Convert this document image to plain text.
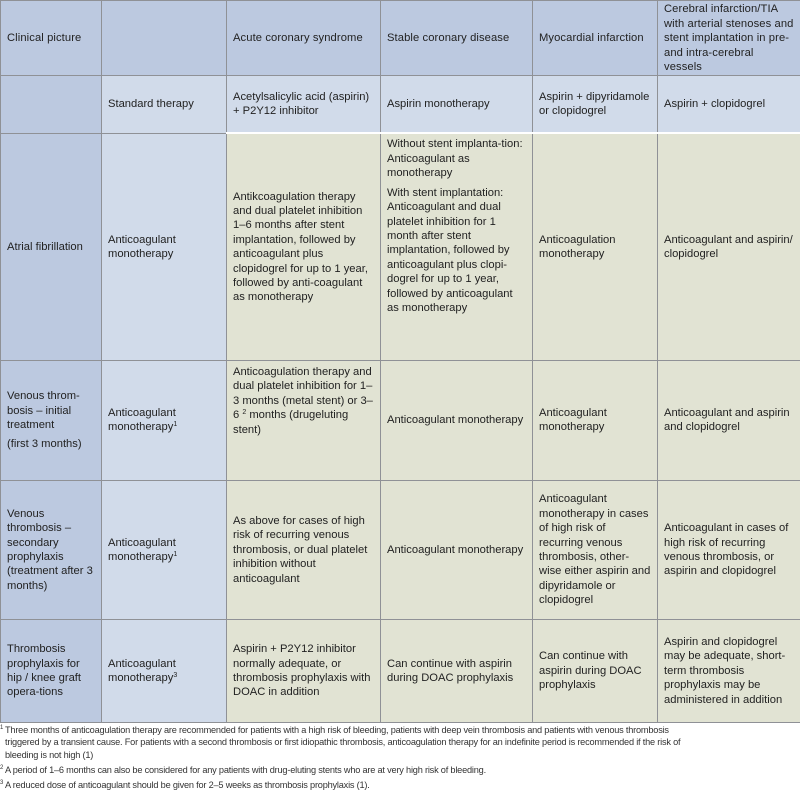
Clinical picture		Acute coronary syndrome	Stable coronary disease	Myocardial infarction	Cerebral infarction/TIA with arterial stenoses and stent implantation in pre- and intra-cerebral vessels
	Standard therapy	Acetylsalicylic acid (aspirin) + P2Y12 inhibitor	Aspirin monotherapy	Aspirin + dipyridamole or clopidogrel	Aspirin + clopidogrel
Atrial fibrillation	Anticoagulant monotherapy	Antikcoagulation therapy and dual platelet inhibition 1–6 months after stent implantation, followed by anticoagulant plus clopidogrel for up to 1 year, followed by anti-coagulant as monotherapy	Without stent implanta-tion: Anticoagulant as monotherapy

With stent implantation: Anticoagulant and dual platelet inhibition for 1 month after stent implantation, followed by anticoagulant plus clopi-dogrel for up to 1 year, followed by anticoagulant as monotherapy	Anticoagulation monotherapy	Anticoagulant and aspirin/ clopidogrel

Venous throm-bosis – initial treatment

(first 3 months)	Anticoagulant monotherapy$^1$	Anticoagulation therapy and dual platelet inhibition for 1–3 months (metal stent) or 3–6 $^2$ months (drugeluting stent)	Anticoagulant monotherapy	Anticoagulant monotherapy	Anticoagulant and aspirin and clopidogrel
Venous thrombosis – secondary prophylaxis (treatment after 3 months)	Anticoagulant monotherapy$^1$	As above for cases of high risk of recurring venous thrombosis, or dual platelet inhibition without anticoagulant	Anticoagulant monotherapy	Anticoagulant monotherapy in cases of high risk of recurring venous thrombosis, other-wise either aspirin and dipyridamole or clopidogrel	Anticoagulant in cases of high risk of recurring venous thrombosis, or aspirin and clopidogrel
Thrombosis prophylaxis for hip / knee graft opera-tions	Anticoagulant monotherapy$^3$	Aspirin + P2Y12 inhibitor normally adequate, or thrombosis prophylaxis with DOAC in addition	Can continue with aspirin during DOAC prophylaxis	Can continue with aspirin during DOAC prophylaxis	Aspirin and clopidogrel may be adequate, short-term thrombosis prophylaxis may be administered in addition
1 Three months of anticoagulation therapy are recommended for patients with a high risk of bleeding, patients with deep vein thrombosis and patients with venous thrombosis triggered by a transient cause. For patients with a second thrombosis or first idiopathic thrombosis, anticoagulation therapy for an indefinite period is recommended if the risk of bleeding is not high (1)
2 A period of 1–6 months can also be considered for any patients with drug-eluting stents who are at very high risk of bleeding.
3 A reduced dose of anticoagulant should be given for 2–5 weeks as thrombosis prophylaxis (1).
